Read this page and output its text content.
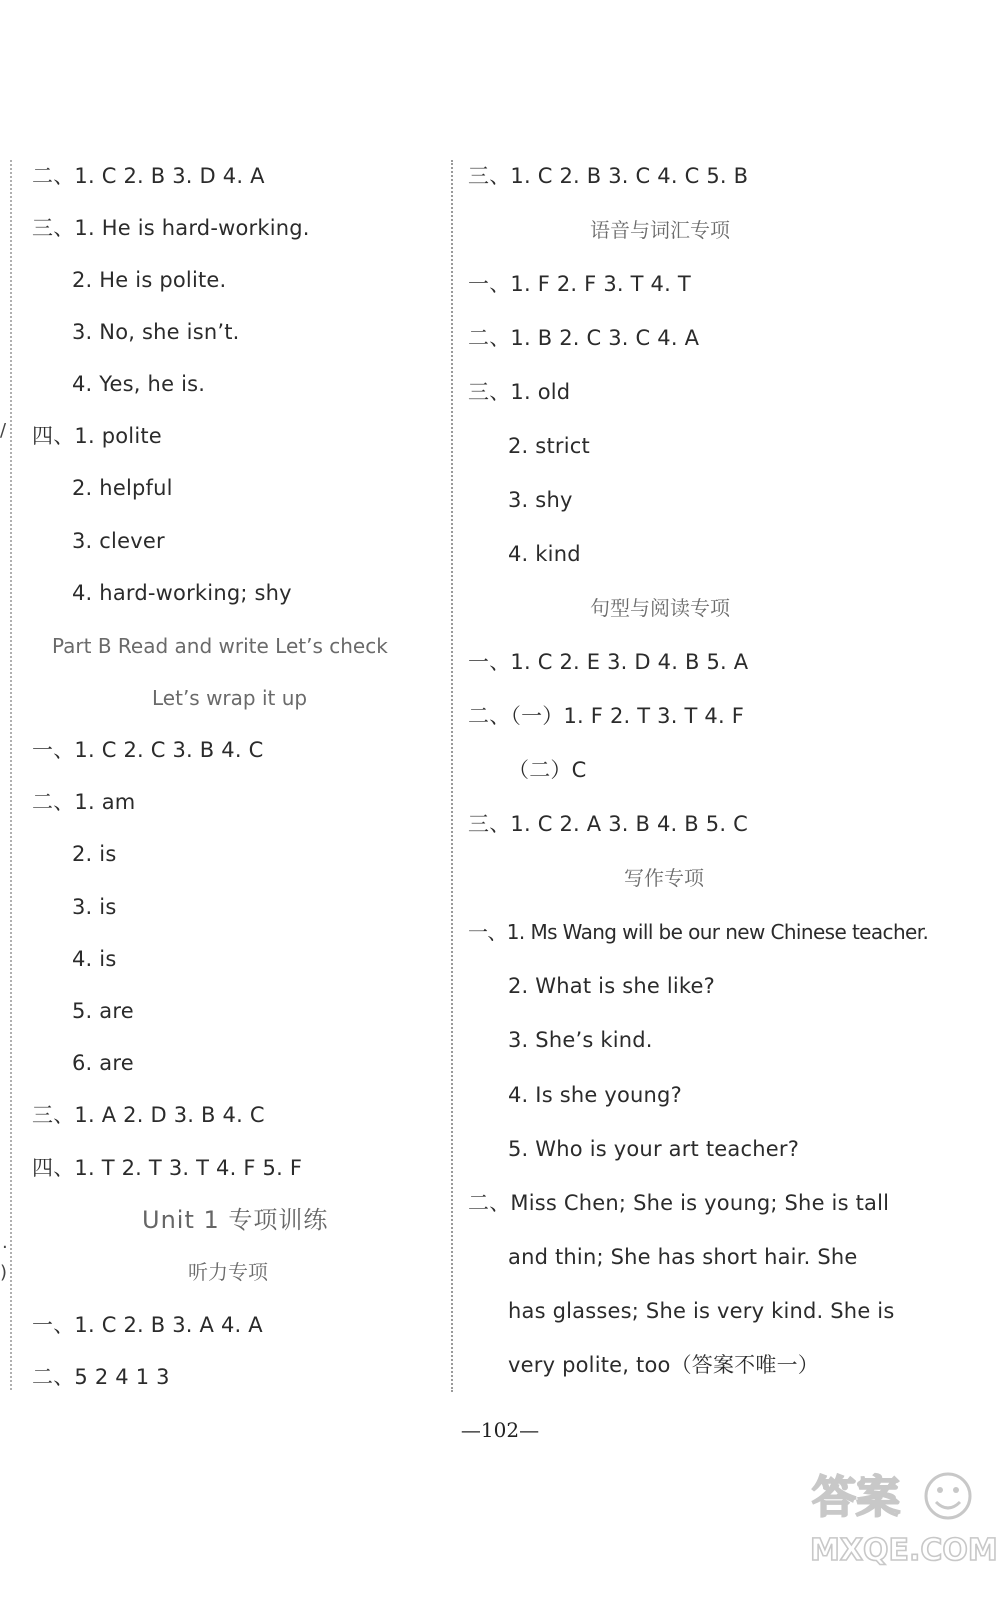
/
.
)
二、1. C 2. B 3. D 4. A
三、1. He is hard-working.
2. He is polite.
3. No, she isn’t.
4. Yes, he is.
四、1. polite
2. helpful
3. clever
4. hard-working; shy
Part B Read and write Let’s check
Let’s wrap it up
一、1. C 2. C 3. B 4. C
二、1. am
2. is
3. is
4. is
5. are
6. are
三、1. A 2. D 3. B 4. C
四、1. T 2. T 3. T 4. F 5. F
Unit 1 专项训练
听力专项
一、1. C 2. B 3. A 4. A
二、5 2 4 1 3
三、1. C 2. B 3. C 4. C 5. B
语音与词汇专项
一、1. F 2. F 3. T 4. T
二、1. B 2. C 3. C 4. A
三、1. old
2. strict
3. shy
4. kind
句型与阅读专项
一、1. C 2. E 3. D 4. B 5. A
二、（一）1. F 2. T 3. T 4. F
（二）C
三、1. C 2. A 3. B 4. B 5. C
写作专项
一、1. Ms Wang will be our new Chinese teacher.
2. What is she like?
3. She’s kind.
4. Is she young?
5. Who is your art teacher?
二、Miss Chen; She is young; She is tall
and thin; She has short hair. She
has glasses; She is very kind. She is
very polite, too（答案不唯一）
—102—
答案
MXQE.COM
